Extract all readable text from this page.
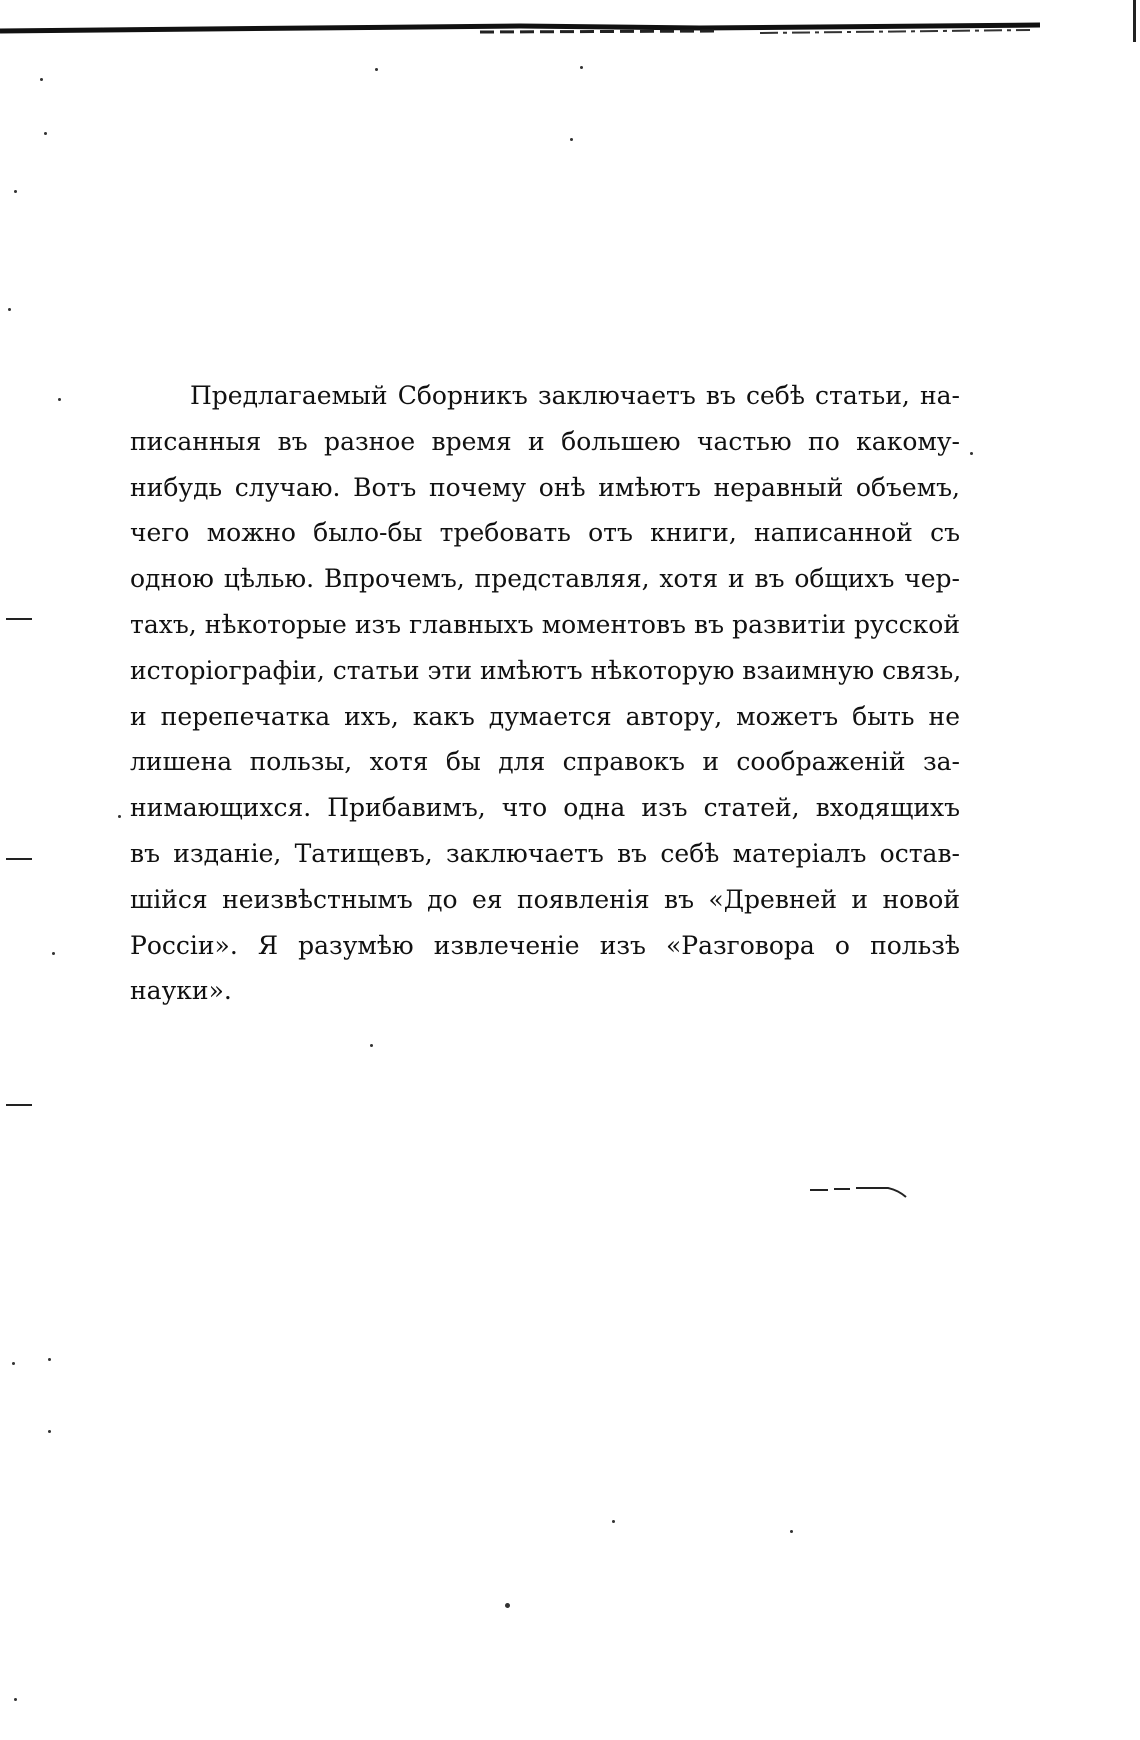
Предлагаемый Сборникъ заключаетъ въ себѣ статьи, на-
писанныя въ разное время и большею частью по какому-
нибудь случаю. Вотъ почему онѣ имѣютъ неравный объемъ,
чего можно было-бы требовать отъ книги, написанной съ
одною цѣлью. Впрочемъ, представляя, хотя и въ общихъ чер-
тахъ, нѣкоторые изъ главныхъ моментовъ въ развитіи русской
исторіографіи, статьи эти имѣютъ нѣкоторую взаимную связь,
и перепечатка ихъ, какъ думается автору, можетъ быть не
лишена пользы, хотя бы для справокъ и соображеній за-
нимающихся. Прибавимъ, что одна изъ статей, входящихъ
въ изданіе, Татищевъ, заключаетъ въ себѣ матеріалъ остав-
шійся неизвѣстнымъ до ея появленія въ «Древней и новой
Россіи». Я разумѣю извлеченіе изъ «Разговора о пользѣ
науки».
